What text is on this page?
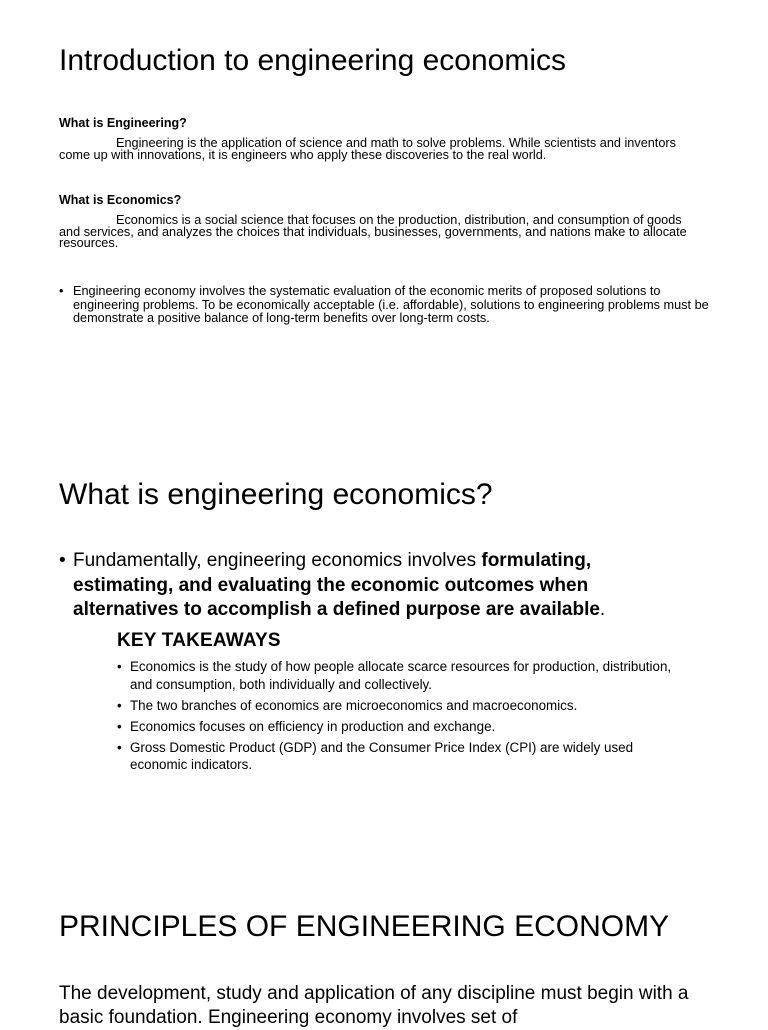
Introduction to engineering economics
What is Engineering?

Engineering is the application of science and math to solve problems. While scientists and inventors come up with innovations, it is engineers who apply these discoveries to the real world.

What is Economics?

Economics is a social science that focuses on the production, distribution, and consumption of goods and services, and analyzes the choices that individuals, businesses, governments, and nations make to allocate resources.

• Engineering economy involves the systematic evaluation of the economic merits of proposed solutions to engineering problems. To be economically acceptable (i.e. affordable), solutions to engineering problems must be demonstrate a positive balance of long-term benefits over long-term costs.
What is engineering economics?
• Fundamentally, engineering economics involves formulating, estimating, and evaluating the economic outcomes when alternatives to accomplish a defined purpose are available.
KEY TAKEAWAYS
• Economics is the study of how people allocate scarce resources for production, distribution, and consumption, both individually and collectively.
• The two branches of economics are microeconomics and macroeconomics.
• Economics focuses on efficiency in production and exchange.
• Gross Domestic Product (GDP) and the Consumer Price Index (CPI) are widely used economic indicators.
PRINCIPLES OF ENGINEERING ECONOMY

The development, study and application of any discipline must begin with a basic foundation. Engineering economy involves set of
